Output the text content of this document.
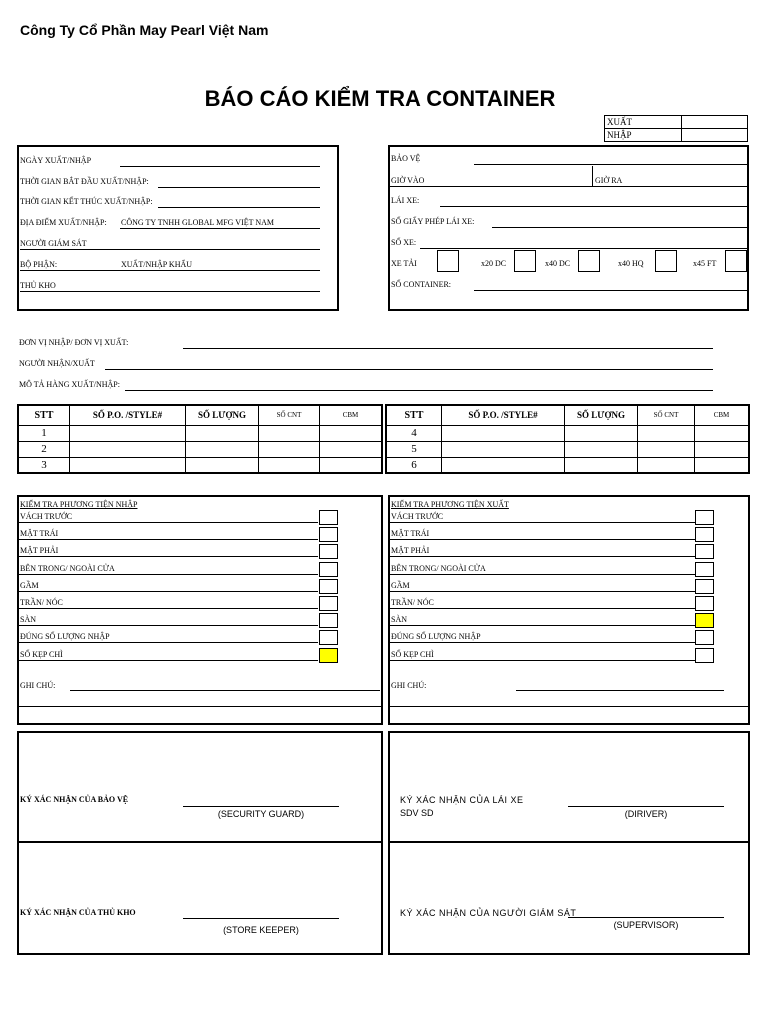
Công Ty Cổ Phần May Pearl Việt Nam
BÁO CÁO KIỂM TRA CONTAINER
XUẤT	
NHẬP	
NGÀY XUẤT/NHẬP
THỜI GIAN BẮT ĐẦU XUẤT/NHẬP:
THỜI GIAN KẾT THÚC XUẤT/NHẬP:
ĐỊA ĐIỂM XUẤT/NHẬP: CÔNG TY TNHH GLOBAL MFG VIỆT NAM
NGƯỜI GIÁM SÁT
BỘ PHẬN:	XUẤT/NHẬP KHẨU
THỦ KHO
BẢO VỆ
GIỜ VÀO	GIỜ RA
LÁI XE:
SỐ GIẤY PHÉP LÁI XE:
SỐ XE:
XE TẢI	x20 DC	x40 DC	x40 HQ	x45 FT
SỐ CONTAINER:
ĐƠN VỊ NHẬP/ ĐƠN VỊ XUẤT:
NGƯỜI NHẬN/XUẤT
MÔ TẢ HÀNG XUẤT/NHẬP:
STT	SỐ P.O. /STYLE#	SỐ LƯỢNG	SỐ CNT	CBM
1				
2				
3				
STT	SỐ P.O. /STYLE#	SỐ LƯỢNG	SỐ CNT	CBM
4				
5				
6				
KIỂM TRA PHƯƠNG TIỆN NHẬP	KIỂM TRA PHƯƠNG TIỆN XUẤT
VÁCH TRƯỚC
MẶT TRÁI
MẶT PHẢI
BÊN TRONG/ NGOÀI CỬA
GẦM
TRẦN/ NÓC
SÀN
ĐÚNG SỐ LƯỢNG NHẬP
SỐ KẸP CHÌ
VÁCH TRƯỚC
MẶT TRÁI
MẶT PHẢI
BÊN TRONG/ NGOÀI CỬA
GẦM
TRẦN/ NÓC
SÀN
ĐÚNG SỐ LƯỢNG NHẬP
SỐ KẸP CHÌ
GHI CHÚ:	GHI CHÚ:
KÝ XÁC NHẬN CỦA BẢO VỆ
(SECURITY GUARD)
KÝ XÁC NHẬN CỦA LÁI XE
SDV SD	(DIRIVER)
KÝ XÁC NHẬN CỦA THỦ KHO
(STORE KEEPER)
KÝ XÁC NHẬN CỦA NGƯỜI GIÁM SÁT
(SUPERVISOR)
